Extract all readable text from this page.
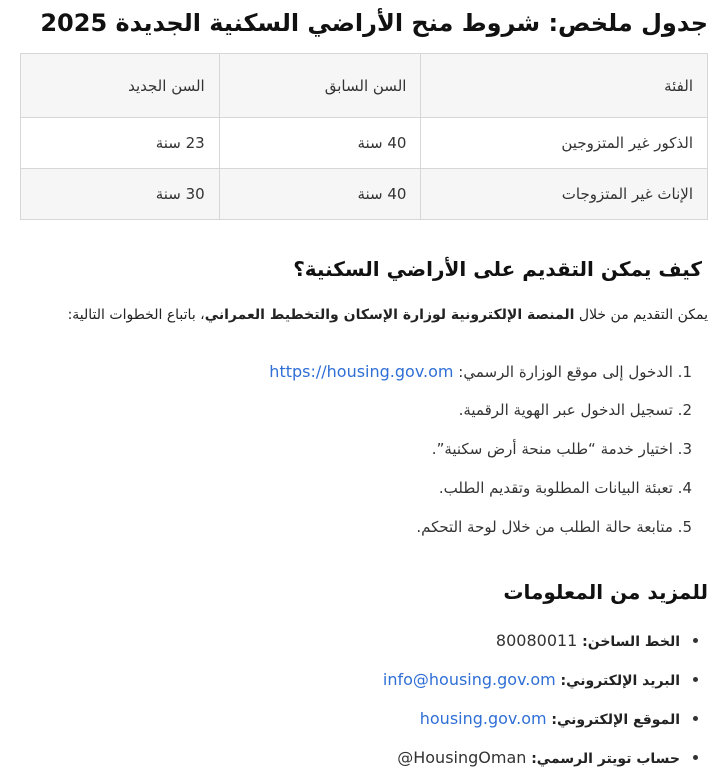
جدول ملخص: شروط منح الأراضي السكنية الجديدة 2025
الفئة	السن السابق	السن الجديد
الذكور غير المتزوجين	40 سنة	23 سنة
الإناث غير المتزوجات	40 سنة	30 سنة
كيف يمكن التقديم على الأراضي السكنية؟

يمكن التقديم من خلال المنصة الإلكترونية لوزارة الإسكان والتخطيط العمراني، باتباع الخطوات التالية:

1. الدخول إلى موقع الوزارة الرسمي: https://housing.gov.om
2. تسجيل الدخول عبر الهوية الرقمية.
3. اختيار خدمة “طلب منحة أرض سكنية”.
4. تعبئة البيانات المطلوبة وتقديم الطلب.
5. متابعة حالة الطلب من خلال لوحة التحكم.
للمزيد من المعلومات
الخط الساخن: 80080011
البريد الإلكتروني: info@housing.gov.om
الموقع الإلكتروني: housing.gov.om
حساب تويتر الرسمي: HousingOman@
